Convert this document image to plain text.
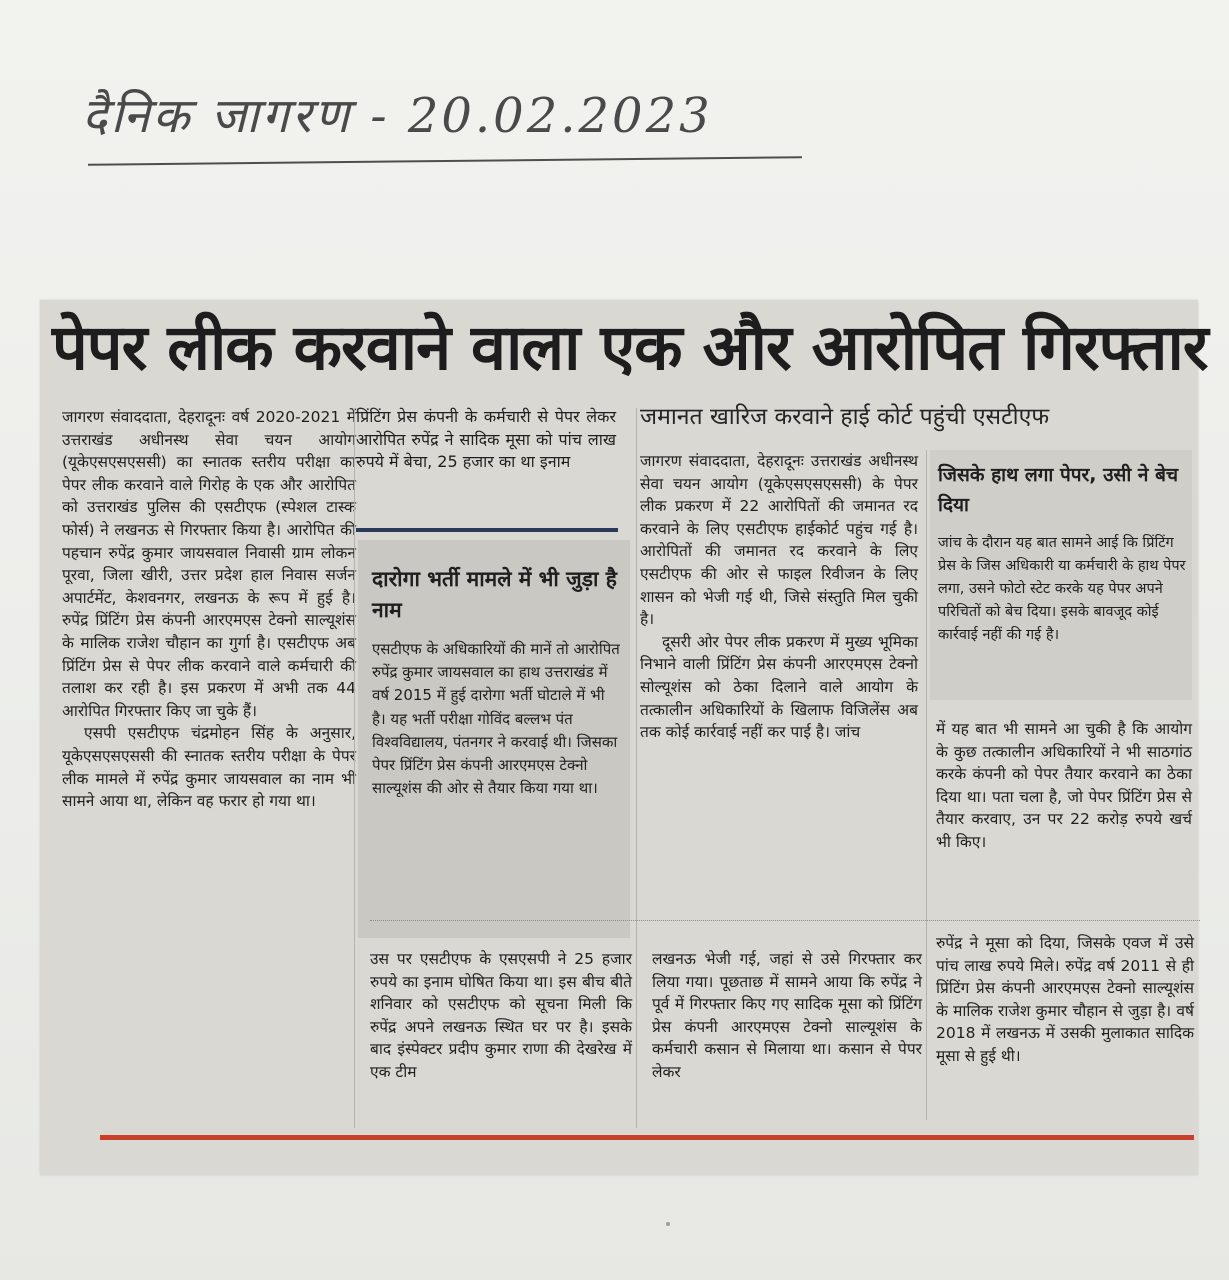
दैनिक जागरण - 20.02.2023
पेपर लीक करवाने वाला एक और आरोपित गिरफ्तार

जागरण संवाददाता, देहरादूनः वर्ष 2020-2021 में उत्तराखंड अधीनस्थ सेवा चयन आयोग (यूकेएसएसएससी) का स्नातक स्तरीय परीक्षा का पेपर लीक करवाने वाले गिरोह के एक और आरोपित को उत्तराखंड पुलिस की एसटीएफ (स्पेशल टास्क फोर्स) ने लखनऊ से गिरफ्तार किया है। आरोपित की पहचान रुपेंद्र कुमार जायसवाल निवासी ग्राम लोकन पूरवा, जिला खीरी, उत्तर प्रदेश हाल निवास सर्जन अपार्टमेंट, केशवनगर, लखनऊ के रूप में हुई है। रुपेंद्र प्रिंटिंग प्रेस कंपनी आरएमएस टेक्नो साल्यूशंस के मालिक राजेश चौहान का गुर्गा है। एसटीएफ अब प्रिंटिंग प्रेस से पेपर लीक करवाने वाले कर्मचारी की तलाश कर रही है। इस प्रकरण में अभी तक 44 आरोपित गिरफ्तार किए जा चुके हैं।

एसपी एसटीएफ चंद्रमोहन सिंह के अनुसार, यूकेएसएसएससी की स्नातक स्तरीय परीक्षा के पेपर लीक मामले में रुपेंद्र कुमार जायसवाल का नाम भी सामने आया था, लेकिन वह फरार हो गया था।

प्रिंटिंग प्रेस कंपनी के कर्मचारी से पेपर लेकर आरोपित रुपेंद्र ने सादिक मूसा को पांच लाख रुपये में बेचा, 25 हजार का था इनाम
दारोगा भर्ती मामले में भी जुड़ा है नाम
एसटीएफ के अधिकारियों की मानें तो आरोपित रुपेंद्र कुमार जायसवाल का हाथ उत्तराखंड में वर्ष 2015 में हुई दारोगा भर्ती घोटाले में भी है। यह भर्ती परीक्षा गोविंद बल्लभ पंत विश्वविद्यालय, पंतनगर ने करवाई थी। जिसका पेपर प्रिंटिंग प्रेस कंपनी आरएमएस टेक्नो साल्यूशंस की ओर से तैयार किया गया था।
जमानत खारिज करवाने हाई कोर्ट पहुंची एसटीएफ

जागरण संवाददाता, देहरादूनः उत्तराखंड अधीनस्थ सेवा चयन आयोग (यूकेएसएसएससी) के पेपर लीक प्रकरण में 22 आरोपितों की जमानत रद करवाने के लिए एसटीएफ हाईकोर्ट पहुंच गई है। आरोपितों की जमानत रद करवाने के लिए एसटीएफ की ओर से फाइल रिवीजन के लिए शासन को भेजी गई थी, जिसे संस्तुति मिल चुकी है।

दूसरी ओर पेपर लीक प्रकरण में मुख्य भूमिका निभाने वाली प्रिंटिंग प्रेस कंपनी आरएमएस टेक्नो सोल्यूशंस को ठेका दिलाने वाले आयोग के तत्कालीन अधिकारियों के खिलाफ विजिलेंस अब तक कोई कार्रवाई नहीं कर पाई है। जांच

जिसके हाथ लगा पेपर, उसी ने बेच दिया
जांच के दौरान यह बात सामने आई कि प्रिंटिंग प्रेस के जिस अधिकारी या कर्मचारी के हाथ पेपर लगा, उसने फोटो स्टेट करके यह पेपर अपने परिचितों को बेच दिया। इसके बावजूद कोई कार्रवाई नहीं की गई है।
में यह बात भी सामने आ चुकी है कि आयोग के कुछ तत्कालीन अधिकारियों ने भी साठगांठ करके कंपनी को पेपर तैयार करवाने का ठेका दिया था। पता चला है, जो पेपर प्रिंटिंग प्रेस से तैयार करवाए, उन पर 22 करोड़ रुपये खर्च भी किए।
उस पर एसटीएफ के एसएसपी ने 25 हजार रुपये का इनाम घोषित किया था। इस बीच बीते शनिवार को एसटीएफ को सूचना मिली कि रुपेंद्र अपने लखनऊ स्थित घर पर है। इसके बाद इंस्पेक्टर प्रदीप कुमार राणा की देखरेख में एक टीम
लखनऊ भेजी गई, जहां से उसे गिरफ्तार कर लिया गया। पूछताछ में सामने आया कि रुपेंद्र ने पूर्व में गिरफ्तार किए गए सादिक मूसा को प्रिंटिंग प्रेस कंपनी आरएमएस टेक्नो साल्यूशंस के कर्मचारी कसान से मिलाया था। कसान से पेपर लेकर
रुपेंद्र ने मूसा को दिया, जिसके एवज में उसे पांच लाख रुपये मिले। रुपेंद्र वर्ष 2011 से ही प्रिंटिंग प्रेस कंपनी आरएमएस टेक्नो साल्यूशंस के मालिक राजेश कुमार चौहान से जुड़ा है। वर्ष 2018 में लखनऊ में उसकी मुलाकात सादिक मूसा से हुई थी।
